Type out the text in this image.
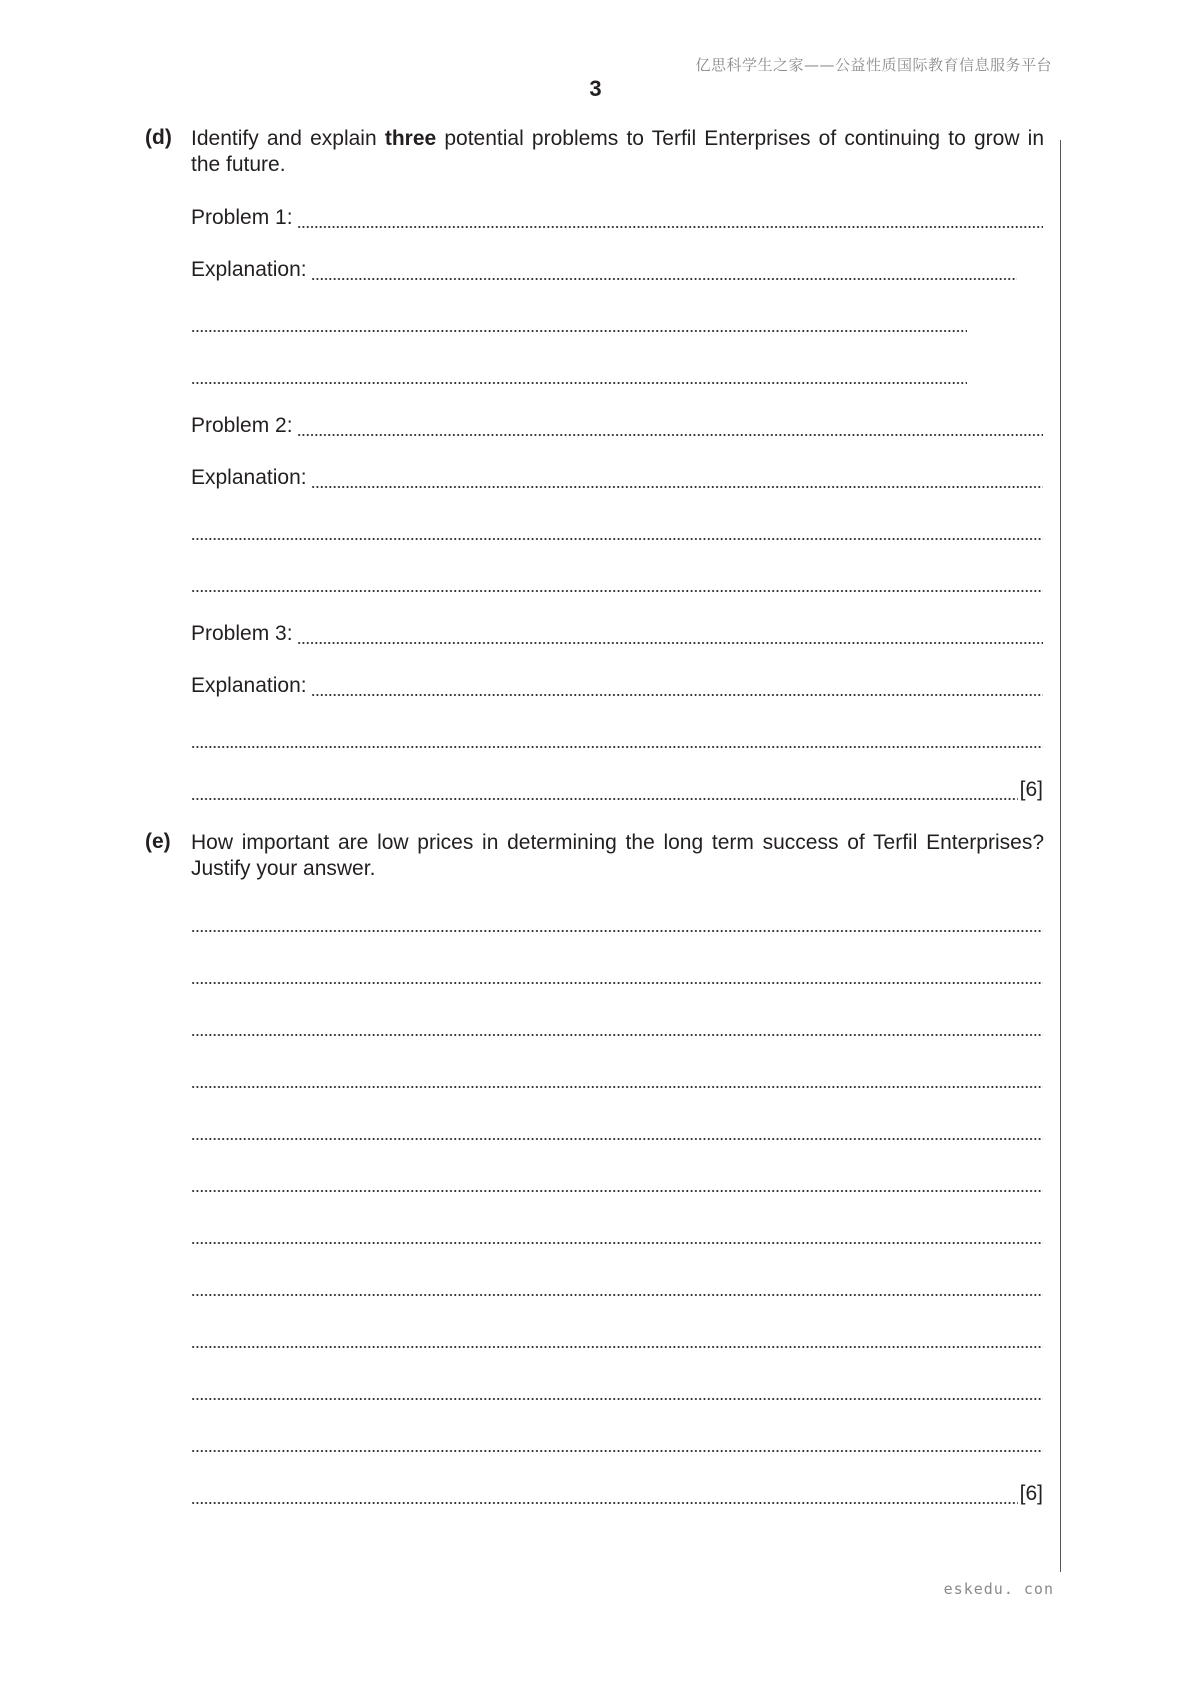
亿思科学生之家——公益性质国际教育信息服务平台
3
(d) Identify and explain three potential problems to Terfil Enterprises of continuing to grow in the future.
Problem 1:
Explanation:
Problem 2:
Explanation:
Problem 3:
Explanation:
[6]
(e) How important are low prices in determining the long term success of Terfil Enterprises? Justify your answer.
[6]
eskedu. con
